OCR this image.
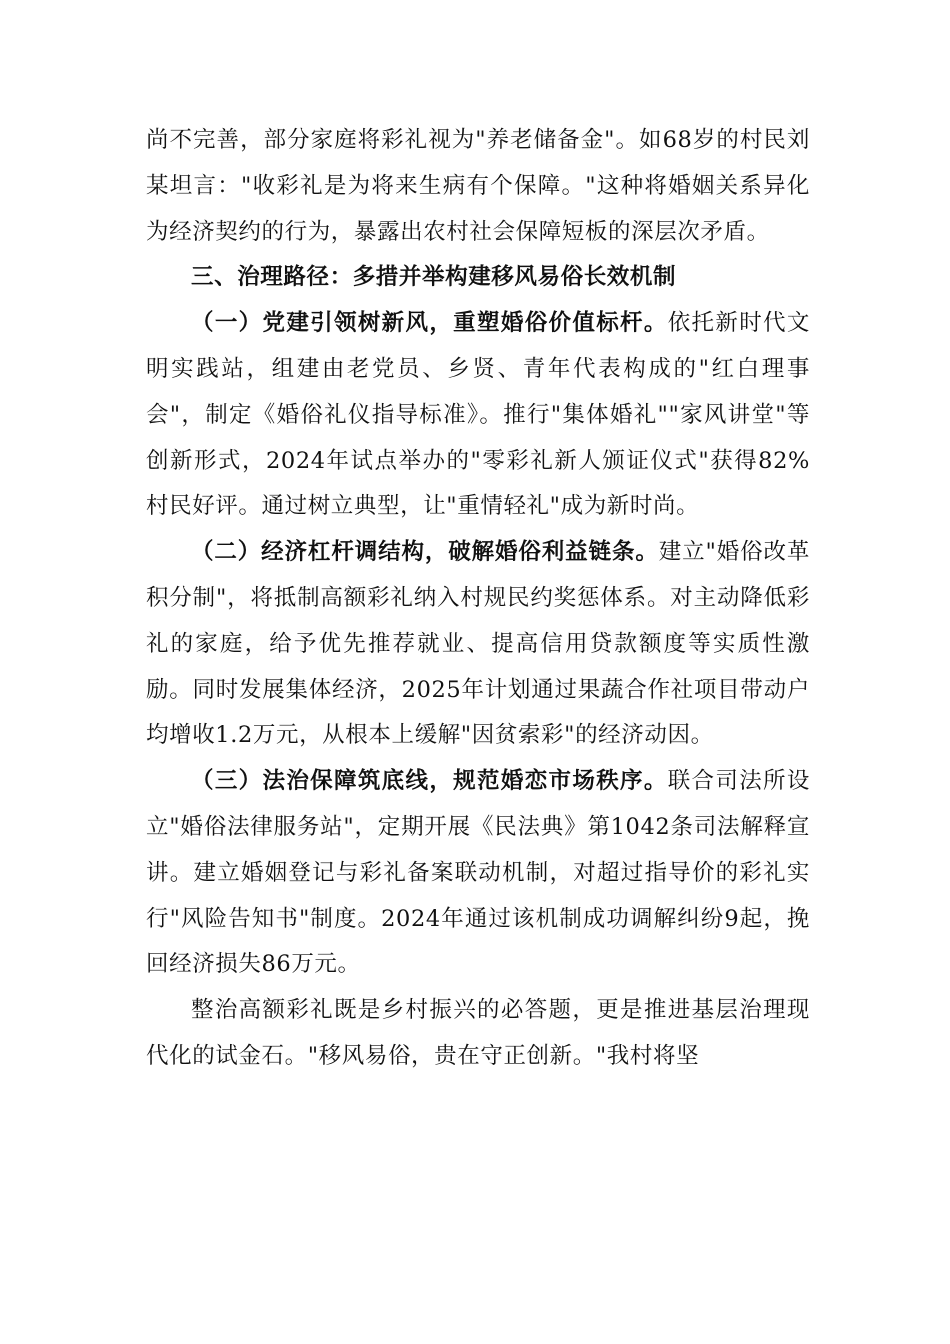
尚不完善，部分家庭将彩礼视为"养老储备金"。如68岁的村民刘某坦言："收彩礼是为将来生病有个保障。"这种将婚姻关系异化为经济契约的行为，暴露出农村社会保障短板的深层次矛盾。

三、治理路径：多措并举构建移风易俗长效机制

（一）党建引领树新风，重塑婚俗价值标杆。依托新时代文明实践站，组建由老党员、乡贤、青年代表构成的"红白理事会"，制定《婚俗礼仪指导标准》。推行"集体婚礼""家风讲堂"等创新形式，2024年试点举办的"零彩礼新人颁证仪式"获得82%村民好评。通过树立典型，让"重情轻礼"成为新时尚。

（二）经济杠杆调结构，破解婚俗利益链条。建立"婚俗改革积分制"，将抵制高额彩礼纳入村规民约奖惩体系。对主动降低彩礼的家庭，给予优先推荐就业、提高信用贷款额度等实质性激励。同时发展集体经济，2025年计划通过果蔬合作社项目带动户均增收1.2万元，从根本上缓解"因贫索彩"的经济动因。

（三）法治保障筑底线，规范婚恋市场秩序。联合司法所设立"婚俗法律服务站"，定期开展《民法典》第1042条司法解释宣讲。建立婚姻登记与彩礼备案联动机制，对超过指导价的彩礼实行"风险告知书"制度。2024年通过该机制成功调解纠纷9起，挽回经济损失86万元。

整治高额彩礼既是乡村振兴的必答题，更是推进基层治理现代化的试金石。"移风易俗，贵在守正创新。"我村将坚
